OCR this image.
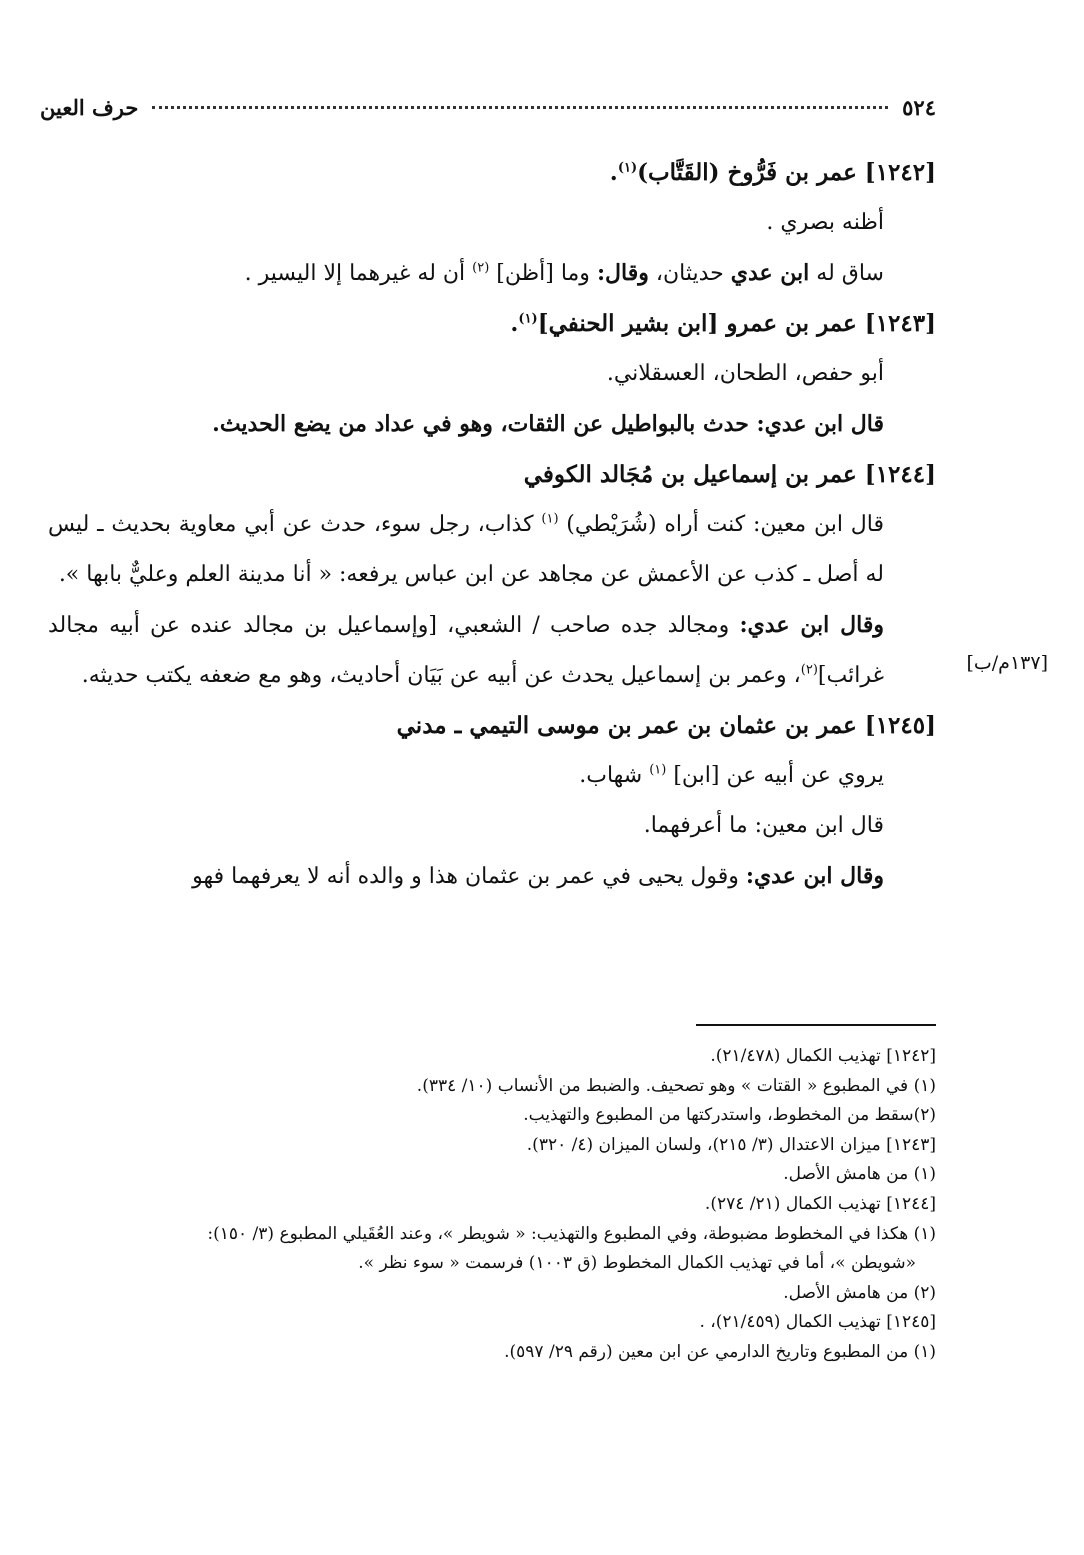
٥٢٤
حرف العين
[١٣٧م/ب]

[١٢٤٢] عمر بن فَرُّوخ (القَتَّاب)$^{(١)}$.

أظنه بصري .

ساق له ابن عدي حديثان، وقال: وما [أظن] $^{(٢)}$ أن له غيرهما إلا اليسير .

[١٢٤٣] عمر بن عمرو [ابن بشير الحنفي]$^{(١)}$.

أبو حفص، الطحان، العسقلاني.

قال ابن عدي: حدث بالبواطيل عن الثقات، وهو في عداد من يضع الحديث.

[١٢٤٤] عمر بن إسماعيل بن مُجَالد الكوفي

قال ابن معين: كنت أراه (شُرَيْطي) $^{(١)}$ كذاب، رجل سوء، حدث عن أبي معاوية بحديث ـ ليس له أصل ـ كذب عن الأعمش عن مجاهد عن ابن عباس يرفعه: « أنا مدينة العلم وعليٌّ بابها ».

وقال ابن عدي: ومجالد جده صاحب / الشعبي، [وإسماعيل بن مجالد عنده عن أبيه مجالد غرائب]$^{(٢)}$، وعمر بن إسماعيل يحدث عن أبيه عن بَيَان أحاديث، وهو مع ضعفه يكتب حديثه.

[١٢٤٥] عمر بن عثمان بن عمر بن موسى التيمي ـ مدني

يروي عن أبيه عن [ابن] $^{(١)}$ شهاب.

قال ابن معين: ما أعرفهما.

وقال ابن عدي: وقول يحيى في عمر بن عثمان هذا و والده أنه لا يعرفهما فهو

[١٢٤٢] تهذيب الكمال (٢١/٤٧٨).

(١) في المطبوع « القتات » وهو تصحيف. والضبط من الأنساب (١٠/ ٣٣٤).

(٢)سقط من المخطوط، واستدركتها من المطبوع والتهذيب.

[١٢٤٣] ميزان الاعتدال (٣/ ٢١٥)، ولسان الميزان (٤/ ٣٢٠).

(١) من هامش الأصل.

[١٢٤٤] تهذيب الكمال (٢١/ ٢٧٤).

(١) هكذا في المخطوط مضبوطة، وفي المطبوع والتهذيب: « شويطر »، وعند العُقَيلي المطبوع (٣/ ١٥٠):

«شويطن »، أما في تهذيب الكمال المخطوط (ق ١٠٠٣) فرسمت « سوء نظر ».

(٢) من هامش الأصل.

[١٢٤٥] تهذيب الكمال (٢١/٤٥٩)، .

(١) من المطبوع وتاريخ الدارمي عن ابن معين (رقم ٢٩/ ٥٩٧).
